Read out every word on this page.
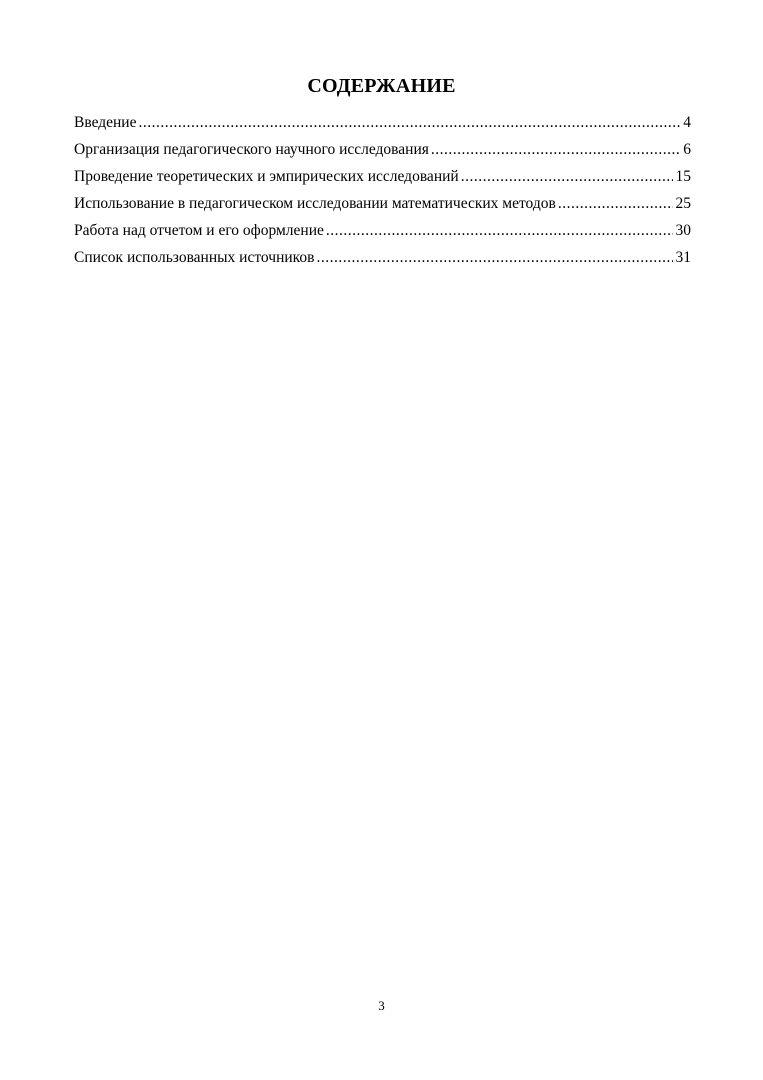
СОДЕРЖАНИЕ
Введение .....	4
Организация педагогического научного исследования .....	6
Проведение теоретических и эмпирических исследований .....	15
Использование в педагогическом исследовании математических методов .....	25
Работа над отчетом и его оформление .....	30
Список использованных источников .....	31
3
